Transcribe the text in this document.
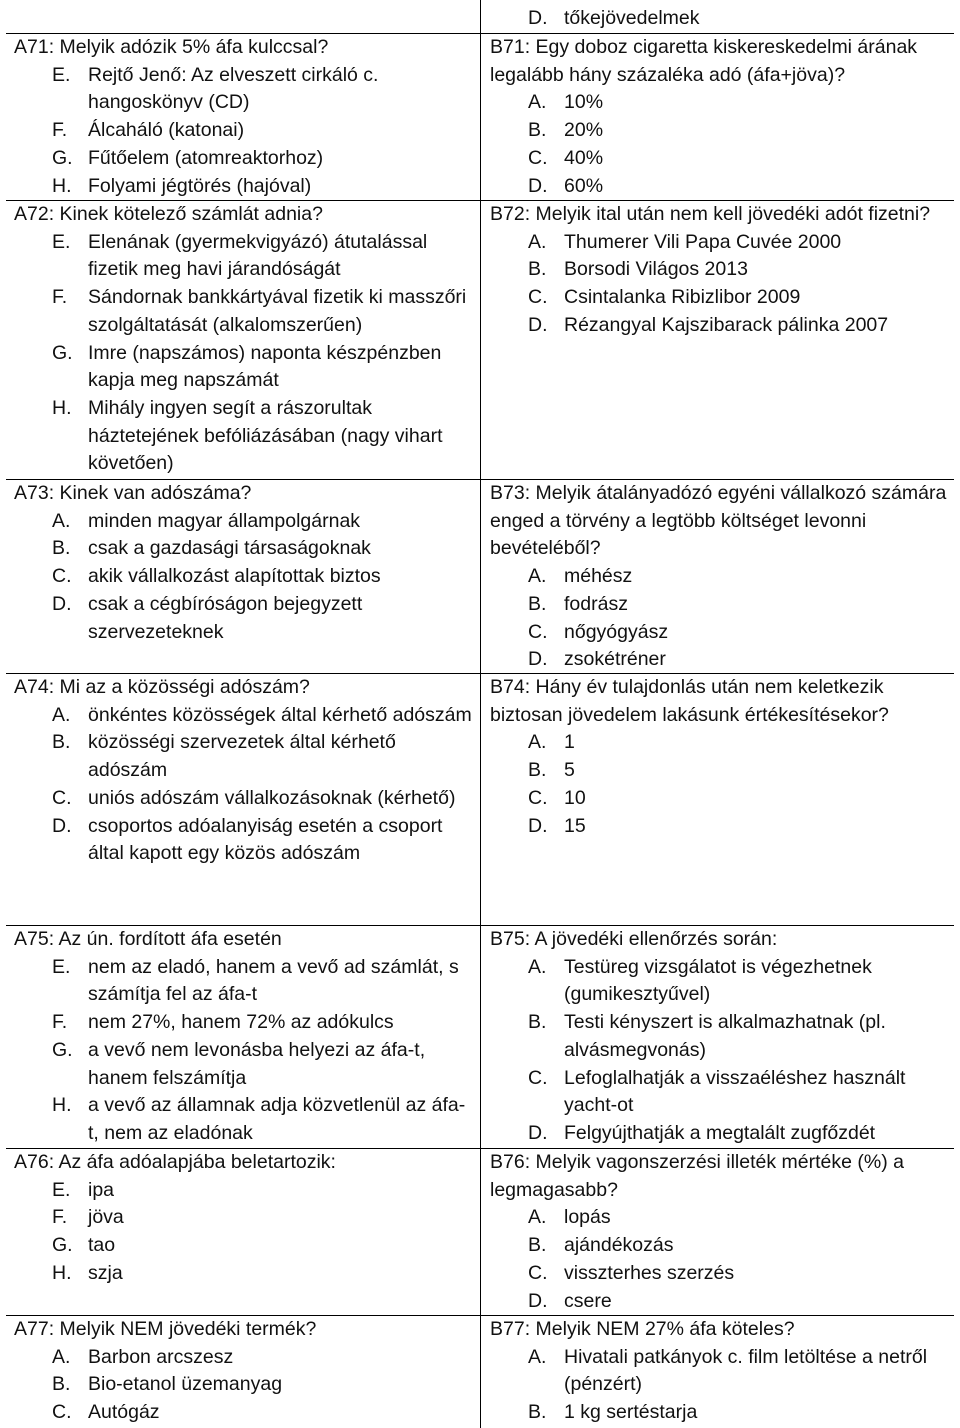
A71: Melyik adózik 5% áfa kulccsal?
E. Rejtő Jenő: Az elveszett cirkáló c. hangoskönyv (CD)
F. Álcaháló (katonai)
G. Fűtőelem (atomreaktorhoz)
H. Folyami jégtörés (hajóval)
A72: Kinek kötelező számlát adnia?
E. Elenának (gyermekvigyázó) átutalással fizetik meg havi járandóságát
F. Sándornak bankkártyával fizetik ki masszőri szolgáltatását (alkalomszerűen)
G. Imre (napszámos) naponta készpénzben kapja meg napszámát
H. Mihály ingyen segít a rászorultak háztetejének befóliázásában (nagy vihart követően)
A73: Kinek van adószáma?
A. minden magyar állampolgárnak
B. csak a gazdasági társaságoknak
C. akik vállalkozást alapítottak biztos
D. csak a cégbíróságon bejegyzett szervezeteknek
A74: Mi az a közösségi adószám?
A. önkéntes közösségek által kérhető adószám
B. közösségi szervezetek által kérhető adószám
C. uniós adószám vállalkozásoknak (kérhető)
D. csoportos adóalanyiság esetén a csoport által kapott egy közös adószám
A75: Az ún. fordított áfa esetén
E. nem az eladó, hanem a vevő ad számlát, s számítja fel az áfa-t
F. nem 27%, hanem 72% az adókulcs
G. a vevő nem levonásba helyezi az áfa-t, hanem felszámítja
H. a vevő az államnak adja közvetlenül az áfa-t, nem az eladónak
A76: Az áfa adóalapjába beletartozik:
E. ipa
F. jöva
G. tao
H. szja
A77: Melyik NEM jövedéki termék?
A. Barbon arcszesz
B. Bio-etanol üzemanyag
C. Autógáz
D. tőkejövedelmek
B71: Egy doboz cigaretta kiskereskedelmi árának legalább hány százaléka adó (áfa+jöva)?
A. 10%
B. 20%
C. 40%
D. 60%
B72: Melyik ital után nem kell jövedéki adót fizetni?
A. Thumerer Vili Papa Cuvée 2000
B. Borsodi Világos 2013
C. Csintalanka Ribizlibor 2009
D. Rézangyal Kajszibarack pálinka 2007
B73: Melyik átalányadózó egyéni vállalkozó számára enged a törvény a legtöbb költséget levonni bevételéből?
A. méhész
B. fodrász
C. nőgyógyász
D. zsokétréner
B74: Hány év tulajdonlás után nem keletkezik biztosan jövedelem lakásunk értékesítésekor?
A. 1
B. 5
C. 10
D. 15
B75: A jövedéki ellenőrzés során:
A. Testüreg vizsgálatot is végezhetnek (gumikesztyűvel)
B. Testi kényszert is alkalmazhatnak (pl. alvásmegvonás)
C. Lefoglalhatják a visszaéléshez használt yacht-ot
D. Felgyújthatják a megtalált zugfőzdét
B76: Melyik vagonszerzési illeték mértéke (%) a legmagasabb?
A. lopás
B. ajándékozás
C. visszterhes szerzés
D. csere
B77: Melyik NEM 27% áfa köteles?
A. Hivatali patkányok c. film letöltése a netről (pénzért)
B. 1 kg sertéstarja
